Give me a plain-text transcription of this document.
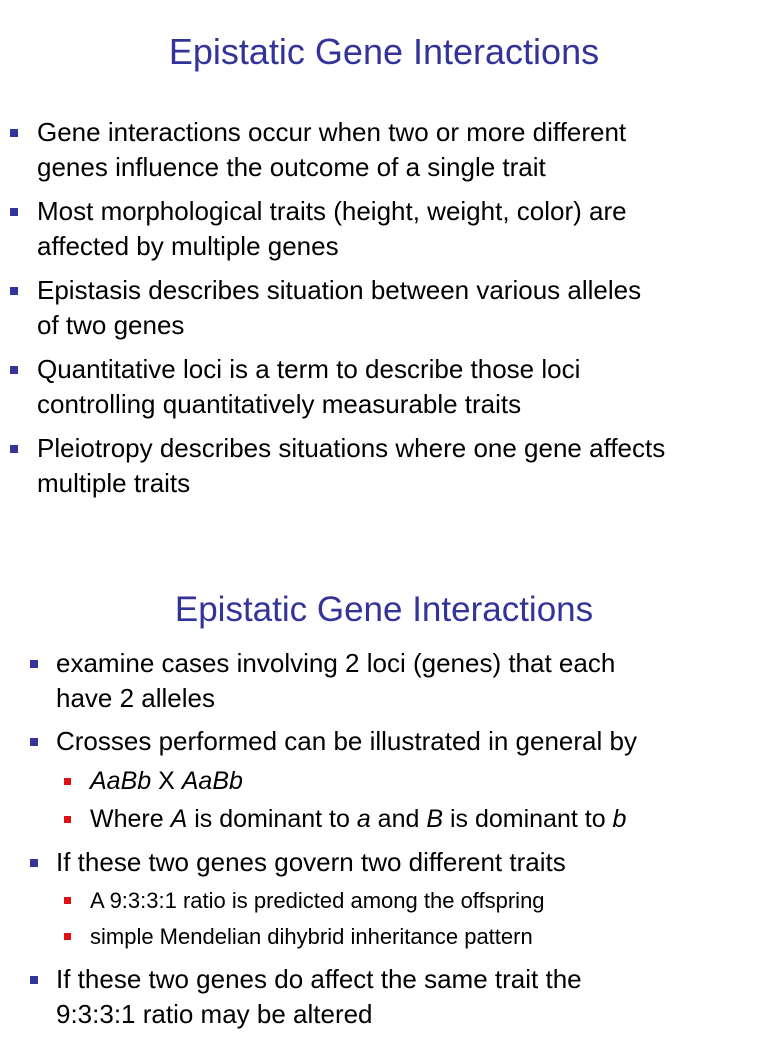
Epistatic Gene Interactions
Gene interactions occur when two or more different
genes influence the outcome of a single trait
Most morphological traits (height, weight, color) are
affected by multiple genes
Epistasis describes situation between various alleles
of two genes
Quantitative loci is a term to describe those loci
controlling quantitatively measurable traits
Pleiotropy describes situations where one gene affects
multiple traits
Epistatic Gene Interactions
examine cases involving 2 loci (genes) that each
have 2 alleles
Crosses performed can be illustrated in general by
AaBb X AaBb
Where A is dominant to a and B is dominant to b
If these two genes govern two different traits
A 9:3:3:1 ratio is predicted among the offspring
simple Mendelian dihybrid inheritance pattern
If these two genes do affect the same trait the
9:3:3:1 ratio may be altered
